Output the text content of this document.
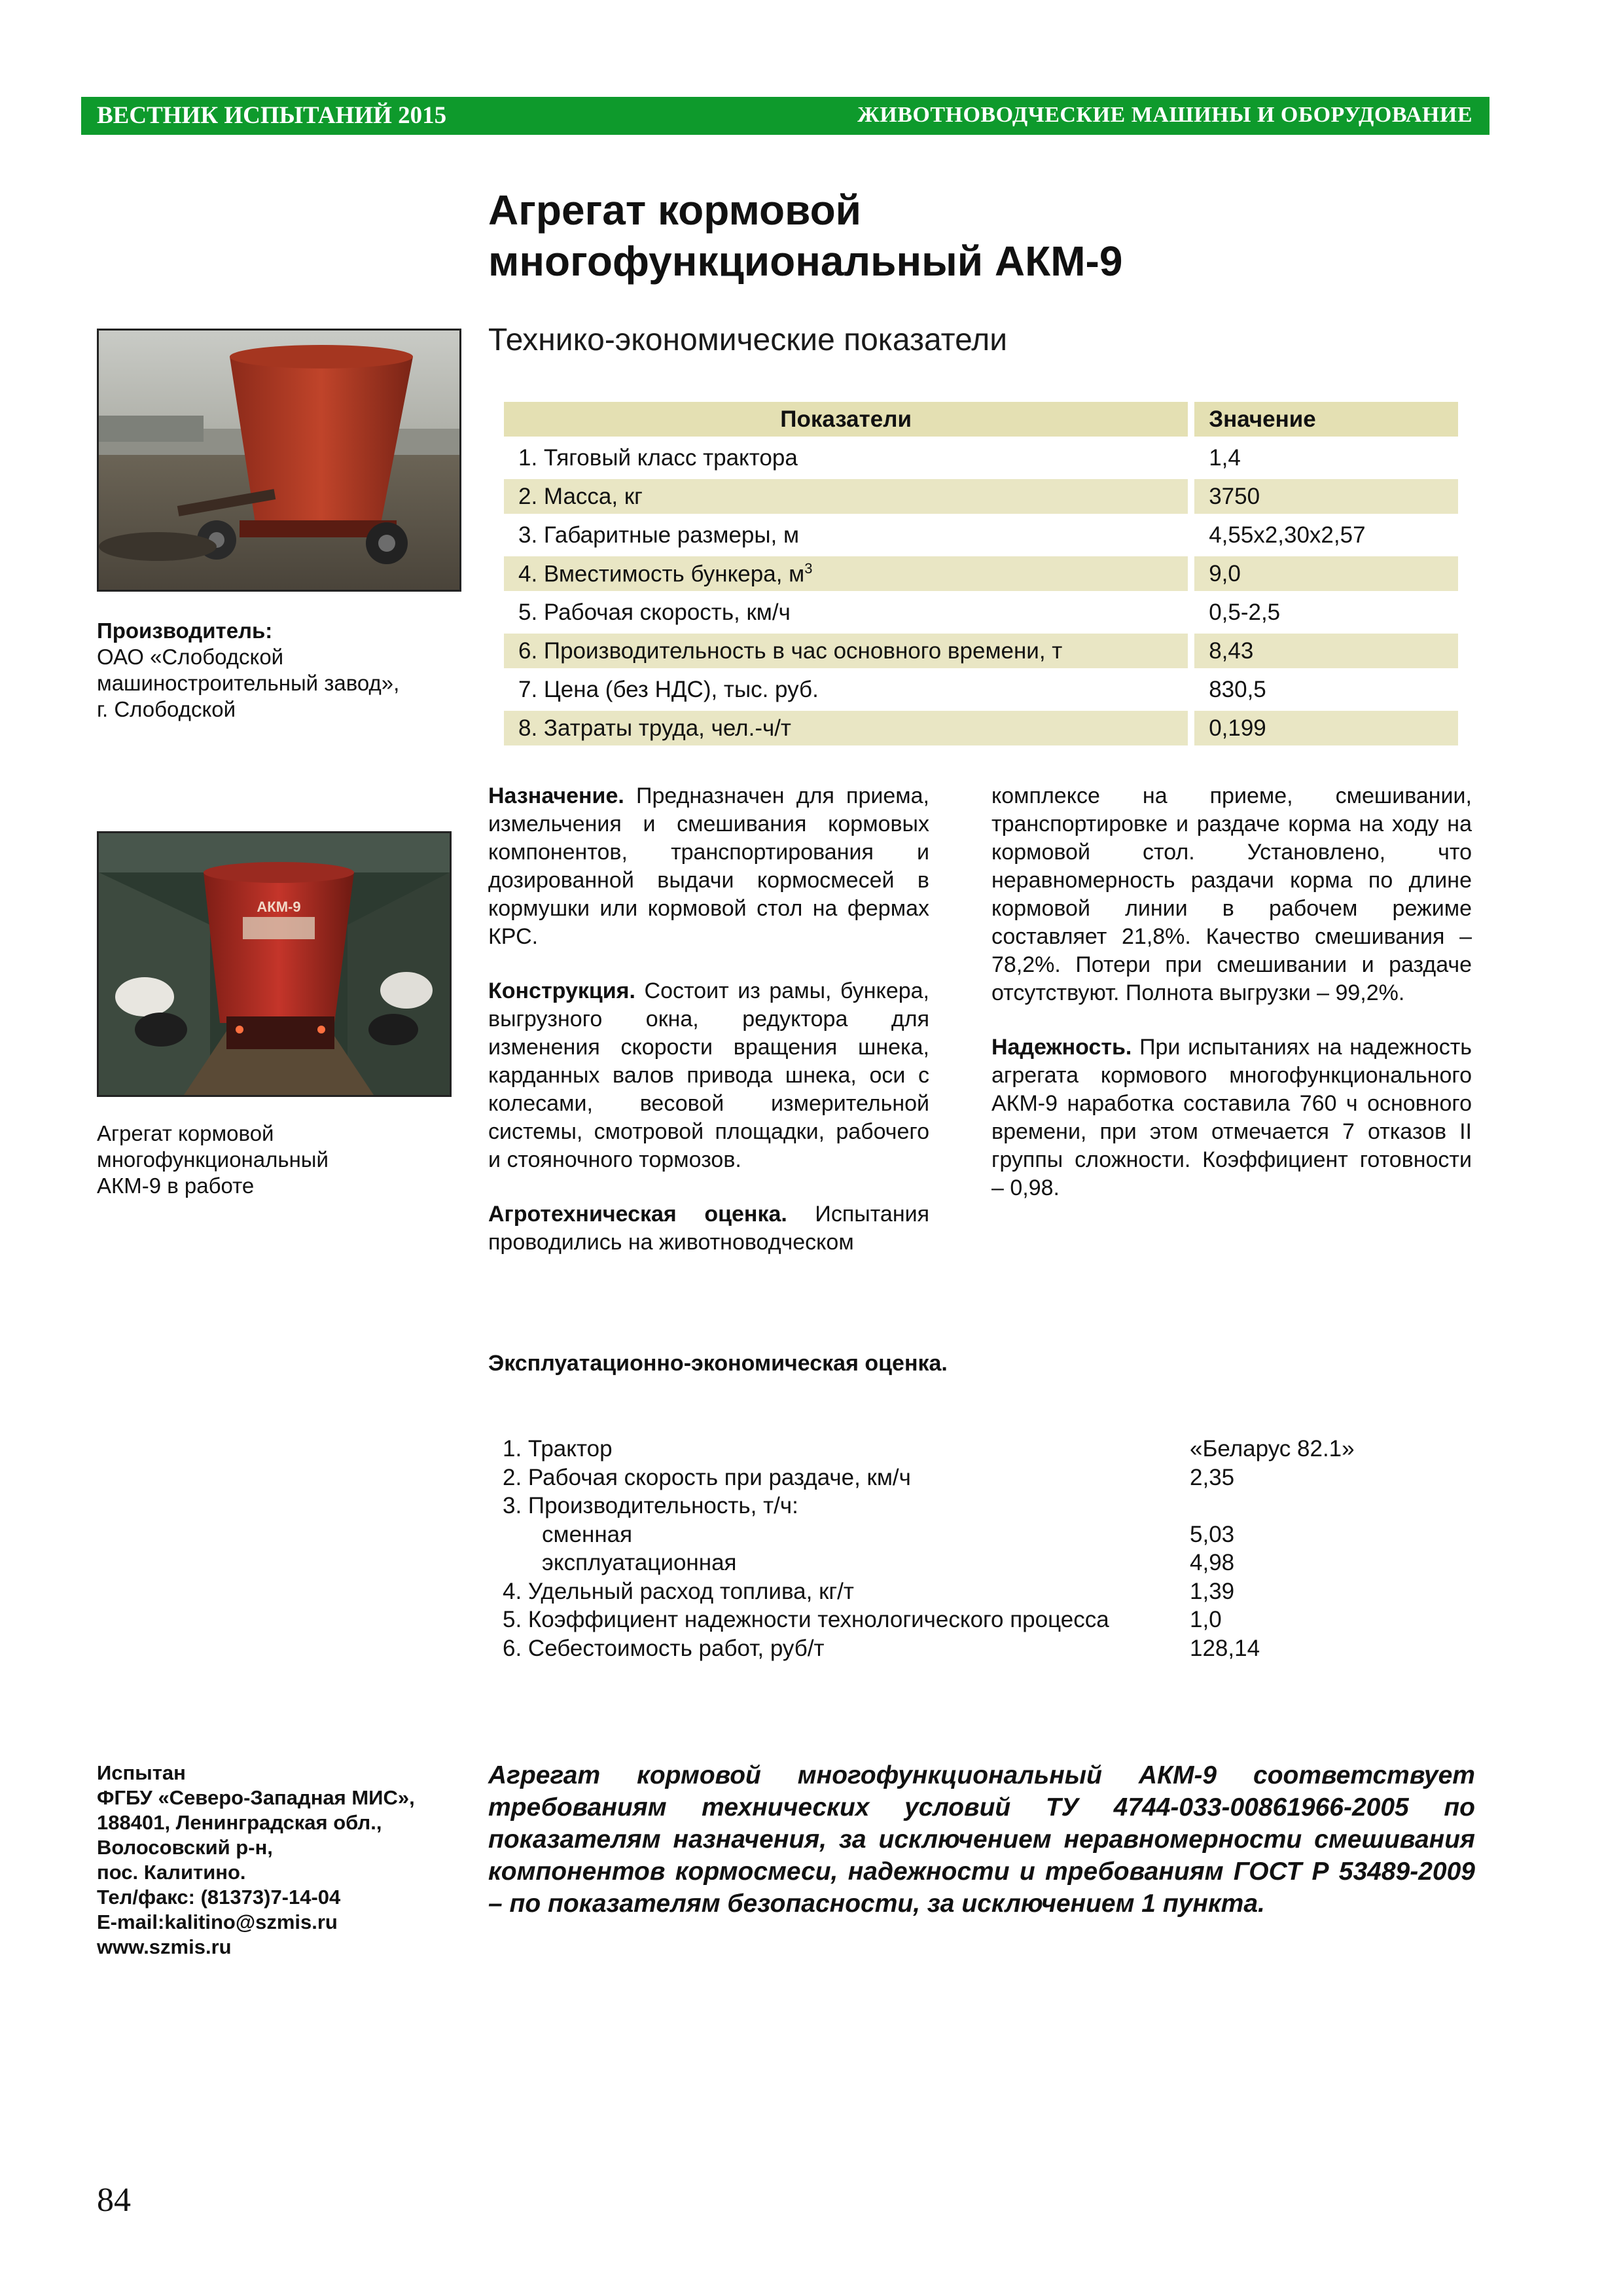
ВЕСТНИК ИСПЫТАНИЙ 2015	ЖИВОТНОВОДЧЕСКИЕ МАШИНЫ И ОБОРУДОВАНИЕ
Агрегат кормовой
многофункциональный АКМ-9
Технико-экономические показатели
Производитель:
ОАО «Слободской
машиностроительный завод»,
г. Слободской
АКМ-9
Агрегат кормовой
многофункциональный
АКМ-9 в работе
Показатели		Значение
1. Тяговый класс трактора		1,4
2. Масса, кг		3750
3. Габаритные размеры, м		4,55х2,30х2,57
4. Вместимость бункера, $м^3$		9,0
5. Рабочая скорость, км/ч		0,5-2,5
6. Производительность в час основного времени, т		8,43
7. Цена (без НДС), тыс. руб.		830,5
8. Затраты труда, чел.-ч/т		0,199

Назначение. Предназначен для приема, измельчения и смешивания кормовых компонентов, транспортирования и дозированной выдачи кормосмесей в кормушки или кормовой стол на фермах КРС.

Конструкция. Состоит из рамы, бункера, выгрузного окна, редуктора для изменения скорости вращения шнека, карданных валов привода шнека, оси с колесами, весовой измерительной системы, смотровой площадки, рабочего и стояночного тормозов.

Агротехническая оценка. Испытания проводились на животноводческом

комплексе на приеме, смешивании, транспортировке и раздаче корма на ходу на кормовой стол. Установлено, что неравномерность раздачи корма по длине кормовой линии в рабочем режиме составляет 21,8%. Качество смешивания – 78,2%. Потери при смешивании и раздаче отсутствуют. Полнота выгрузки – 99,2%.

Надежность. При испытаниях на надежность агрегата кормового многофункционального АКМ-9 наработка составила 760 ч основного времени, при этом отмечается 7 отказов II группы сложности. Коэффициент готовности – 0,98.

Эксплуатационно-экономическая оценка.
1. Трактор	«Беларус 82.1»
2. Рабочая скорость при раздаче, км/ч	2,35
3. Производительность, т/ч:
сменная	5,03
эксплуатационная	4,98
4. Удельный расход топлива, кг/т	1,39
5. Коэффициент надежности технологического процесса	1,0
6. Себестоимость работ, руб/т	128,14
Испытан
ФГБУ «Северо-Западная МИС»,
188401, Ленинградская обл.,
Волосовский р-н,
пос. Калитино.
Тел/факс: (81373)7-14-04
E-mail:kalitino@szmis.ru
www.szmis.ru
Агрегат кормовой многофункциональный АКМ-9 соответствует требованиям технических условий ТУ 4744-033-00861966-2005 по показателям назначения, за исключением неравномерности смешивания компонентов кормосмеси, надежности и требованиям ГОСТ Р 53489-2009 – по показателям безопасности, за исключением 1 пункта.
84
